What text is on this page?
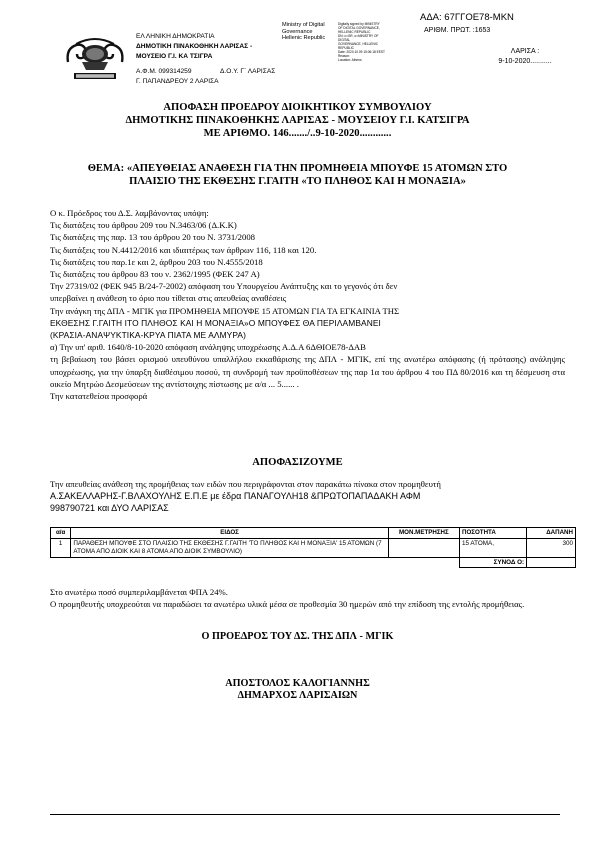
ΑΔΑ: 67ΓΓΟΕ78-ΜΚΝ
ΑΡΙΘΜ. ΠΡΩΤ. :1653
ΕΛ ΛΗΝΙΚΗ ΔΗΜΟΚΡΑΤΙΑ
ΔΗΜΟΤΙΚΗ ΠΙΝΑΚΟΘΗΚΗ ΛΑΡΙΣΑΣ -
ΜΟΥΣΕΙΟ Γ.Ι. ΚΑ ΤΣΙΓΡΑ
Α.Φ.Μ. 099314259	Δ.Ο.Υ. Γ΄ ΛΑΡΙΣΑΣ
Γ. ΠΑΠΑΝΔΡΕΟΥ 2 ΛΑΡΙΣΑ
Ministry of Digital
Governance
Hellenic Republic
Digitally signed by MINISTRY
OF DIGITAL GOVERNANCE,
HELLENIC REPUBLIC
DN: c=GR, o=MINISTRY OF DIGITAL
GOVERNANCE, HELLENIC REPUBLIC
Date: 2020.10.09 15:06:18 EEST
Reason:
Location: Athens
ΛΑΡΙΣΑ :
9-10-2020...........
ΑΠΟΦΑΣΗ ΠΡΟΕΔΡΟΥ ΔΙΟΙΚΗΤΙΚΟΥ ΣΥΜΒΟΥΛΙΟΥ
ΔΗΜΟΤΙΚΗΣ ΠΙΝΑΚΟΘΗΚΗΣ ΛΑΡΙΣΑΣ - ΜΟΥΣΕΙΟΥ Γ.Ι. ΚΑΤΣΙΓΡΑ
ΜΕ ΑΡΙΘΜΟ. 146......./..9-10-2020............
ΘΕΜΑ: «ΑΠΕΥΘΕΙΑΣ ΑΝΑΘΕΣΗ ΓΙΑ ΤΗΝ ΠΡΟΜΗΘΕΙΑ ΜΠΟΥΦΕ 15 ΑΤΟΜΩΝ ΣΤΟ
ΠΛΑΙΣΙΟ ΤΗΣ ΕΚΘΕΣΗΣ Γ.ΓΑΙΤΗ «ΤΟ ΠΛΗΘΟΣ ΚΑΙ Η ΜΟΝΑΞΙΑ»
Ο κ. Πρόεδρος του Δ.Σ. λαμβάνοντας υπόψη:
Τις διατάξεις του άρθρου 209 του Ν.3463/06 (Δ.Κ.Κ)
Τις διατάξεις της παρ. 13 του άρθρου 20 του Ν. 3731/2008
Τις διατάξεις του Ν.4412/2016 και ιδιαιτέρως των άρθρων 116, 118 και 120.
Τις διατάξεις του παρ.1ε και 2, άρθρου 203 του Ν.4555/2018
Τις διατάξεις του άρθρου 83 του ν. 2362/1995 (ΦΕΚ 247 Α)
Την 27319/02 (ΦΕΚ 945 Β/24-7-2002) απόφαση του Υπουργείου Ανάπτυξης και το γεγονός ότι δεν
υπερβαίνει η ανάθεση το όριο που τίθεται στις απευθείας αναθέσεις
Την ανάγκη της ΔΠΛ - ΜΓΙΚ για ΠΡΟΜΗΘΕΙΑ ΜΠΟΥΦΕ 15 ΑΤΟΜΩΝ ΓΙΑ ΤΑ ΕΓΚΑΙΝΙΑ ΤΗΣ
ΕΚΘΕΣΗΣ Γ.ΓΑΙΤΗ ΙΤΟ ΠΛΗΘΟΣ ΚΑΙ Η ΜΟΝΑΞΙΑ»Ο ΜΠΟΥΦΕΣ ΘΑ ΠΕΡΙΛΑΜΒΑΝΕΙ
(ΚΡΑΣΙΑ-ΑΝΑΨΥΚΤΙΚΑ-ΚΡΥΑ ΠΙΑΤΑ ΜΕ ΑΛΜΥΡΑ)
α) Την υπ' αριθ. 1640/8-10-2020 απόφαση ανάληψης υποχρέωσης Α.Δ.Α 6ΔΘΙΟΕ78-ΔΑΒ
τη βεβαίωση του βάσει ορισμού υπευθύνου υπαλλήλου εκκαθάρισης της ΔΠΛ - ΜΓΙΚ, επί της ανωτέρω απόφασης (ή πρότασης) ανάληψης υποχρέωσης, για την ύπαρξη διαθέσιμου ποσού, τη συνδρομή των προϋποθέσεων της παρ 1α του άρθρου 4 του ΠΔ 80/2016 και τη δέσμευση στα οικείο Μητρώο Δεσμεύσεων της αντίστοιχης πίστωσης με α/α ... 5...... .
Την κατατεθείσα προσφορά
ΑΠΟΦΑΣΙΖΟΥΜΕ
Την απευθείας ανάθεση της προμήθειας των ειδών που περιγράφονται στον παρακάτω πίνακα στον προμηθευτή
Α.ΣΑΚΕΛΛΑΡΗΣ-Γ.ΒΛΑΧΟΥΛΗΣ Ε.Π.Ε με έδρα ΠΑΝΑΓΟΥΛΗ18 &ΠΡΩΤΟΠΑΠΑΔΑΚΗ ΑΦΜ
998790721 και ΔΥΟ ΛΑΡΙΣΑΣ
α/α	ΕΙΔΟΣ	ΜΟΝ.ΜΕΤΡΗΣΗΣ	ΠΟΣΟΤΗΤΑ	ΔΑΠΑΝΗ
1	ΠΑΡΑΘΕΣΗ ΜΠΟΥΦΕ ΣΤΟ ΠΛΑΙΣΙΟ ΤΗΣ ΕΚΘΕΣΗΣ Γ.ΓΑΙΤΗ 'ΤΟ ΠΛΗΘΟΣ ΚΑΙ Η ΜΟΝΑΞΙΑ' 15 ΑΤΟΜΩΝ (7 ΑΤΟΜΑ ΑΠΟ ΔΙΟΙΚ ΚΑΙ 8 ΑΤΟΜΑ ΑΠΟ ΔΙΟΙΚ ΣΥΜΒΟΥΛΙΟ)		15 ΑΤΟΜΑ,	300
			ΣΥΝΟΔ Ο:	
Στο ανωτέρω ποσό συμπεριλαμβάνεται ΦΠΑ 24%.
Ο προμηθευτής υποχρεούται να παραδώσει τα ανωτέρω υλικά μέσα σε προθεσμία 30 ημερών από την επίδοση της εντολής προμήθειας.
Ο ΠΡΟΕΔΡΟΣ ΤΟΥ ΔΣ. ΤΗΣ ΔΠΛ - ΜΓΙΚ
ΑΠΟΣΤΟΛΟΣ ΚΑΛΟΓΙΑΝΝΗΣ
ΔΗΜΑΡΧΟΣ ΛΑΡΙΣΑΙΩΝ
